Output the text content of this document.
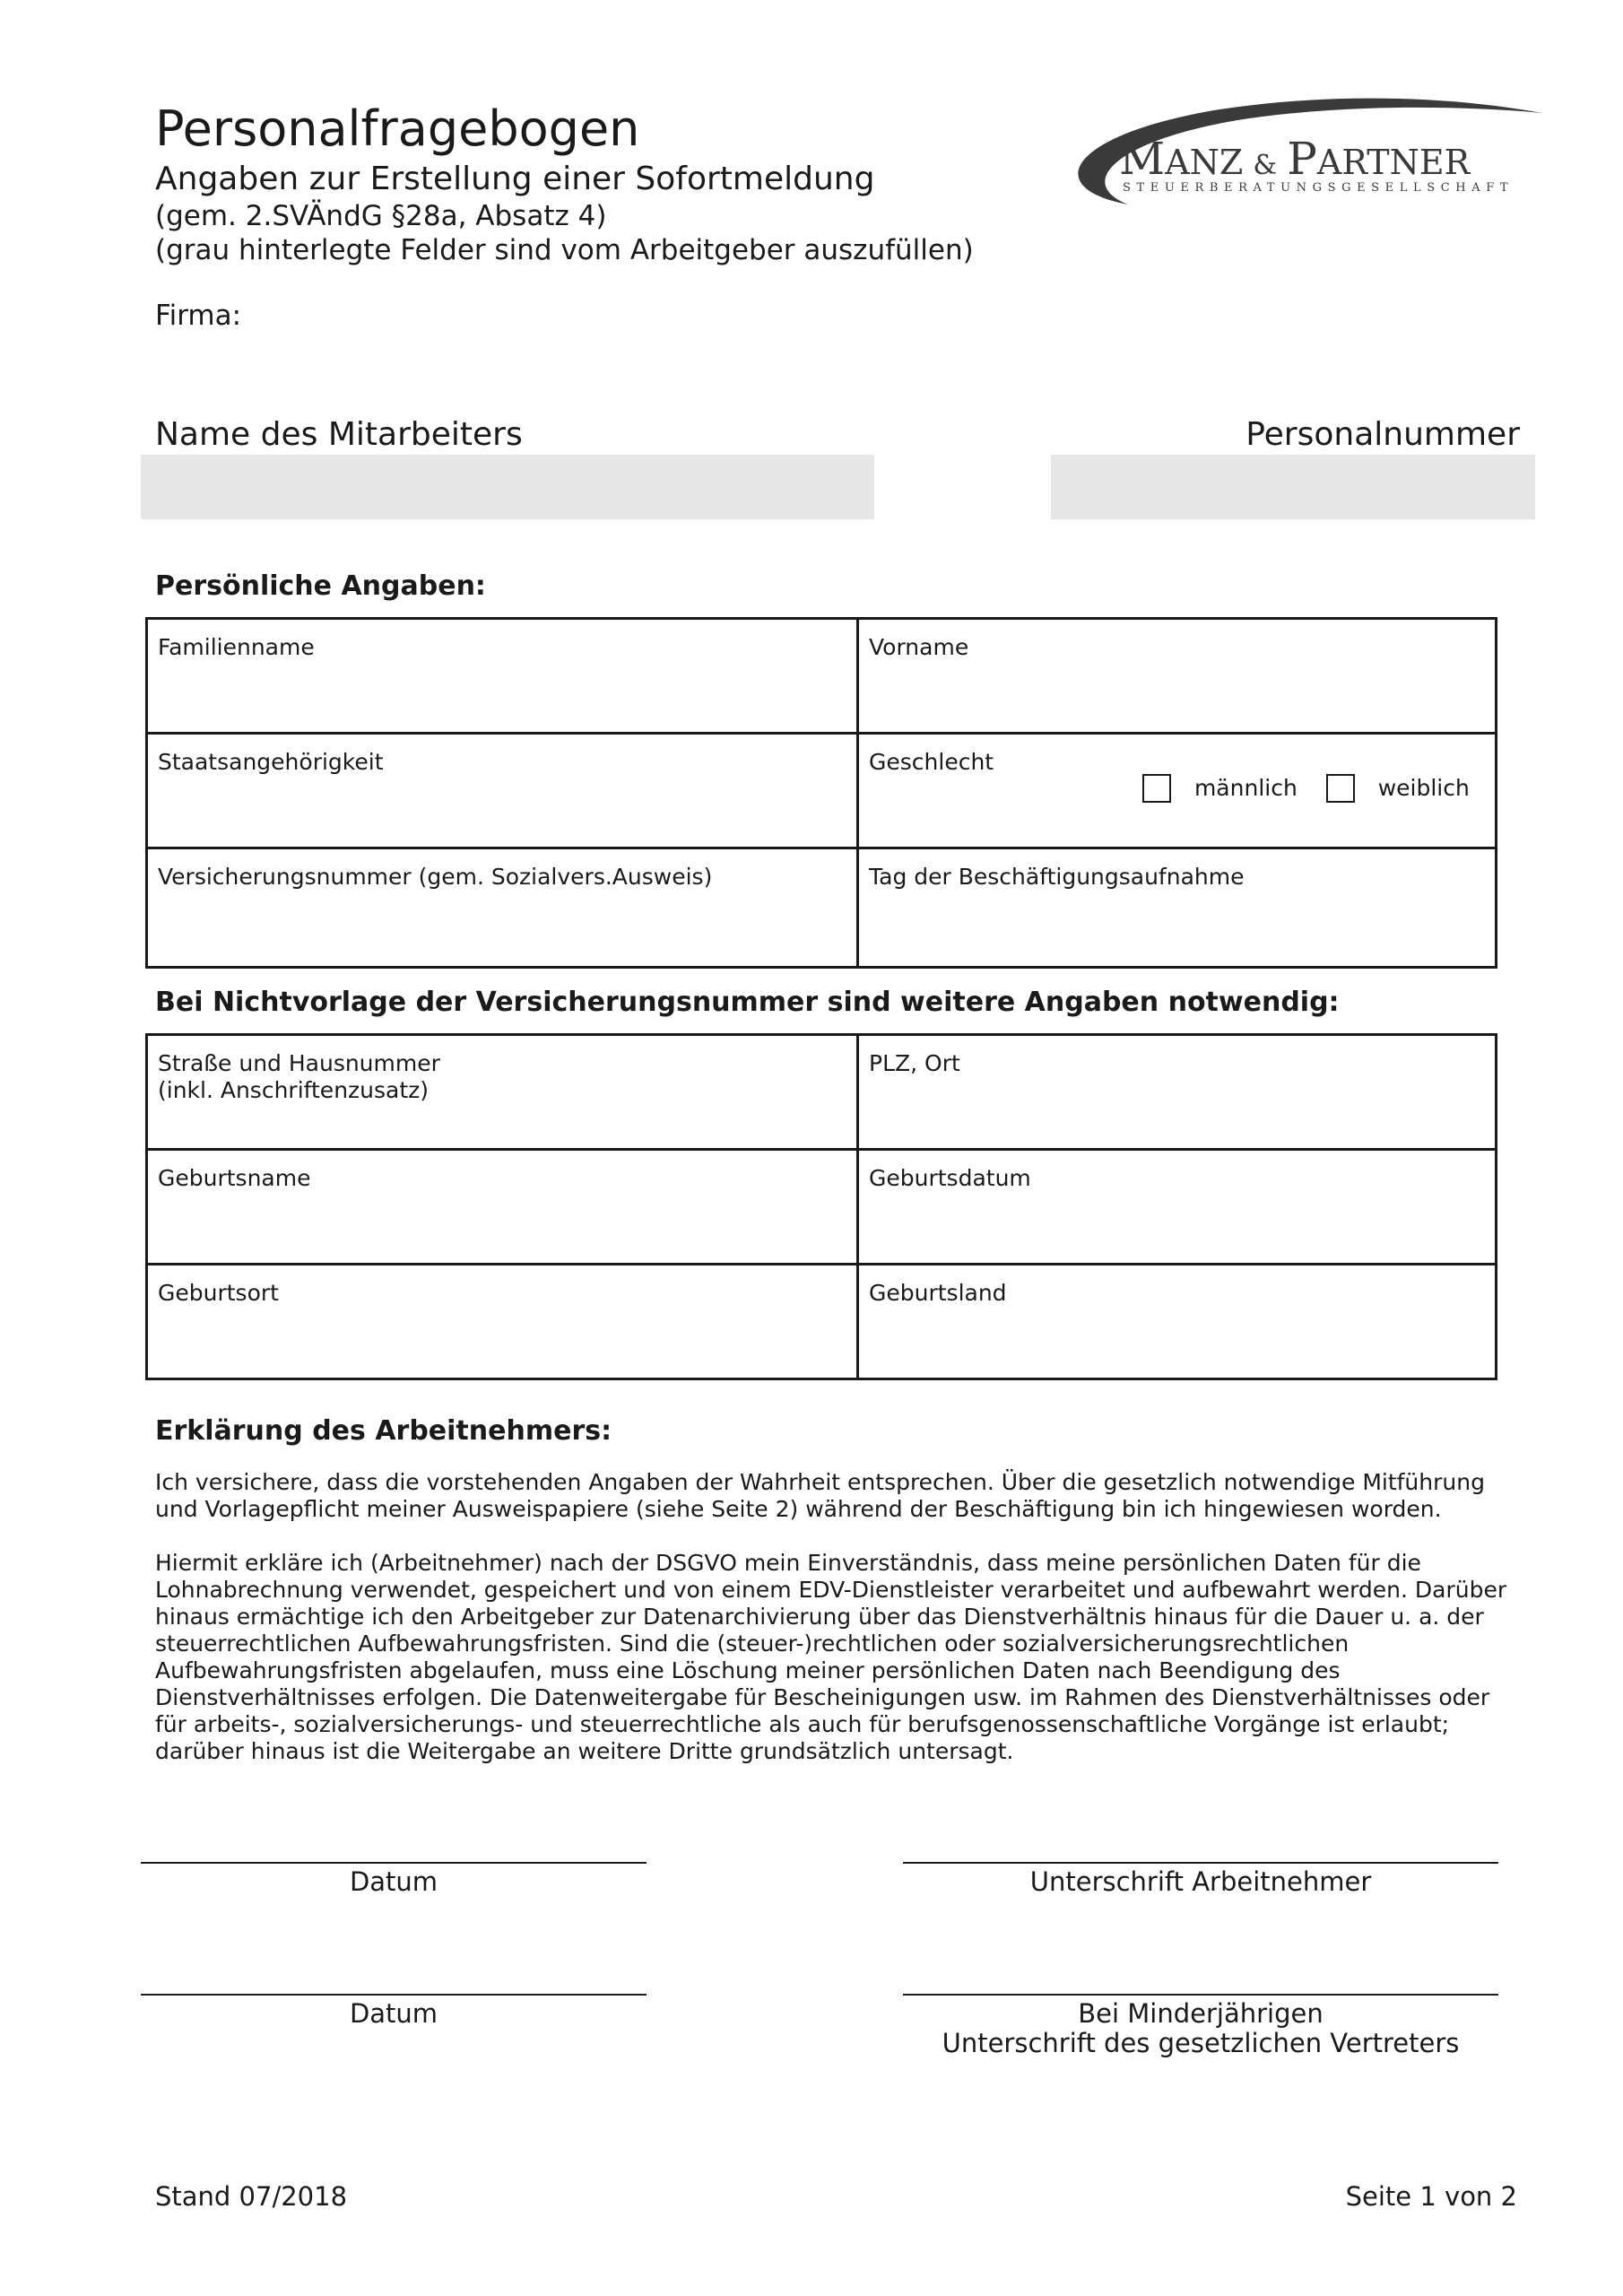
Personalfragebogen
Angaben zur Erstellung einer Sofortmeldung
(gem. 2.SVÄndG §28a, Absatz 4)
(grau hinterlegte Felder sind vom Arbeitgeber auszufüllen)
MANZ & PARTNER
STEUERBERATUNGSGESELLSCHAFT
Firma:
Name des Mitarbeiters	Personalnummer
Persönliche Angaben:
Familienname	Vorname
Staatsangehörigkeit	Geschlecht
männlich weiblich

Versicherungsnummer (gem. Sozialvers.Ausweis)	Tag der Beschäftigungsaufnahme
Bei Nichtvorlage der Versicherungsnummer sind weitere Angaben notwendig:
Straße und Hausnummer
(inkl. Anschriftenzusatz)	PLZ, Ort
Geburtsname	Geburtsdatum
Geburtsort	Geburtsland
Erklärung des Arbeitnehmers:
Ich versichere, dass die vorstehenden Angaben der Wahrheit entsprechen. Über die gesetzlich notwendige Mitführung und Vorlagepflicht meiner Ausweispapiere (siehe Seite 2) während der Beschäftigung bin ich hingewiesen worden.
Hiermit erkläre ich (Arbeitnehmer) nach der DSGVO mein Einverständnis, dass meine persönlichen Daten für die Lohnabrechnung verwendet, gespeichert und von einem EDV-Dienstleister verarbeitet und aufbewahrt werden. Darüber hinaus ermächtige ich den Arbeitgeber zur Datenarchivierung über das Dienstverhältnis hinaus für die Dauer u. a. der steuerrechtlichen Aufbewahrungsfristen. Sind die (steuer-)rechtlichen oder sozialversicherungsrechtlichen Aufbewahrungsfristen abgelaufen, muss eine Löschung meiner persönlichen Daten nach Beendigung des Dienstverhältnisses erfolgen. Die Datenweitergabe für Bescheinigungen usw. im Rahmen des Dienstverhältnisses oder für arbeits-, sozialversicherungs- und steuerrechtliche als auch für berufsgenossenschaftliche Vorgänge ist erlaubt; darüber hinaus ist die Weitergabe an weitere Dritte grundsätzlich untersagt.
Datum	Unterschrift Arbeitnehmer
Datum	Bei Minderjährigen
Unterschrift des gesetzlichen Vertreters
Stand 07/2018	Seite 1 von 2
